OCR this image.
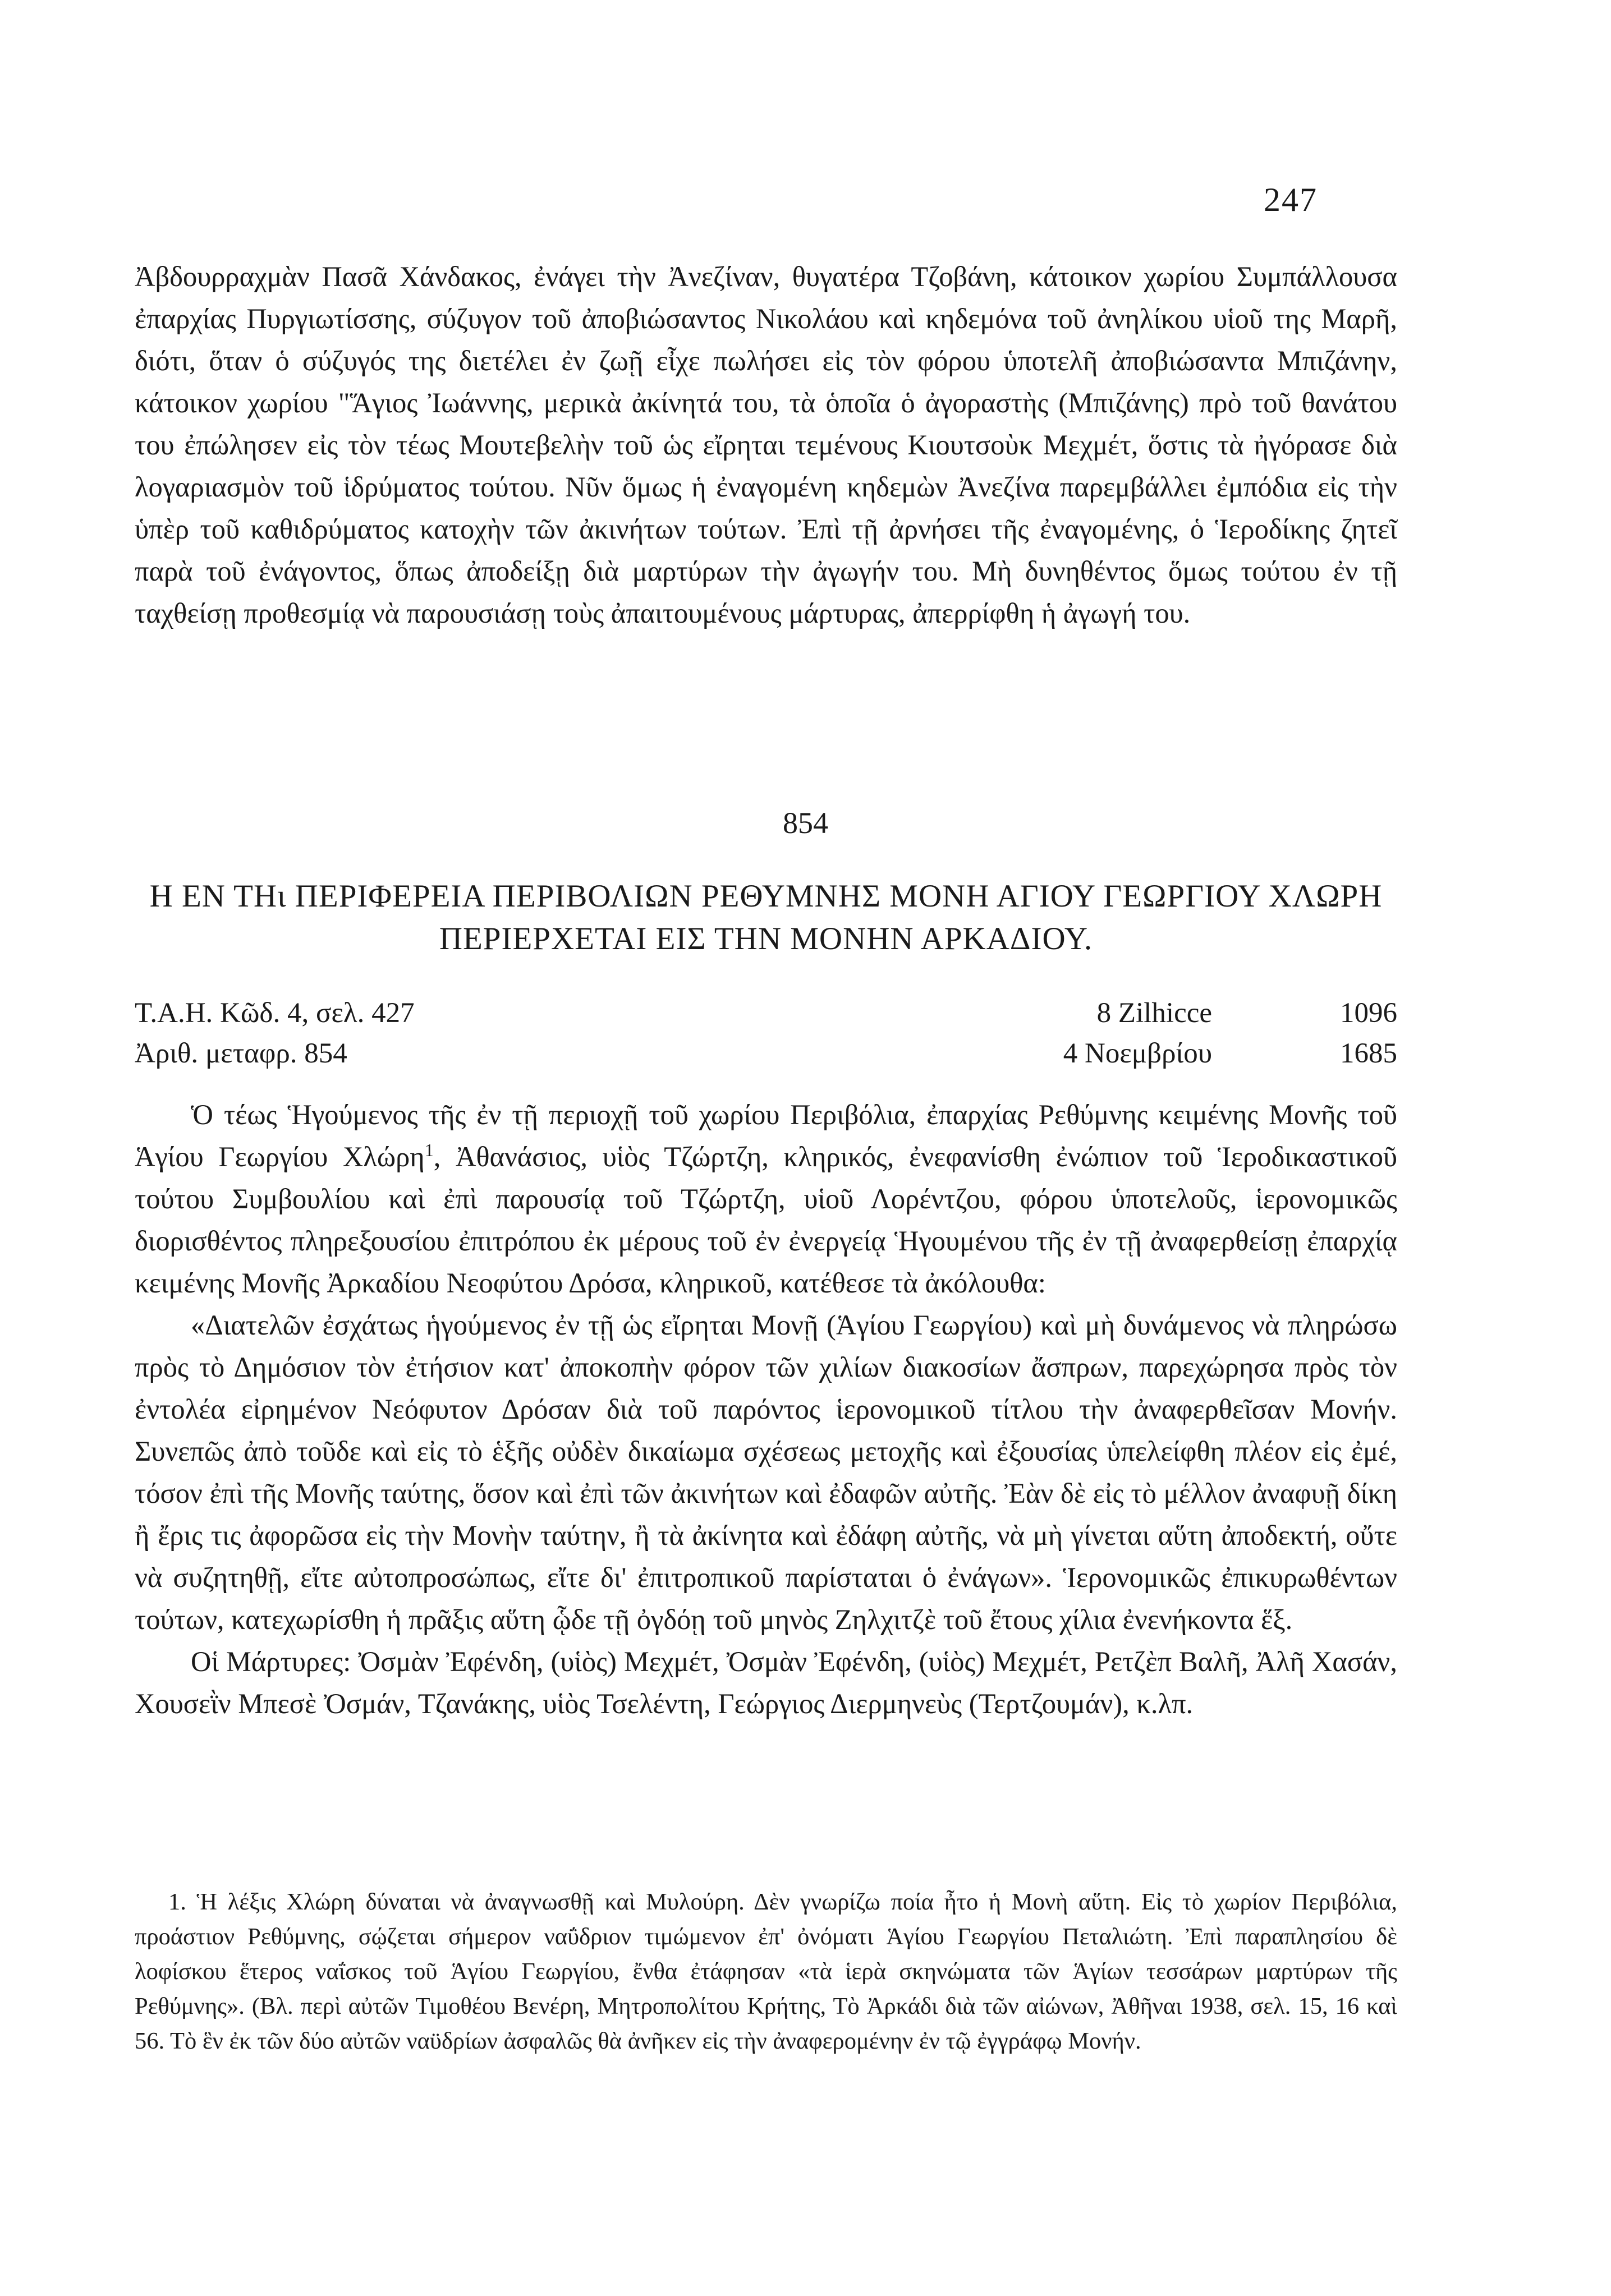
247

Ἀβδουρραχμὰν Πασᾶ Χάνδακος, ἐνάγει τὴν Ἀνεζίναν, θυγατέρα Τζοβάνη, κάτοικον χωρίου Συμπάλλουσα ἐπαρχίας Πυργιωτίσσης, σύζυγον τοῦ ἀποβιώσαντος Νικολάου καὶ κηδεμόνα τοῦ ἀνηλίκου υἱοῦ της Μαρῆ, διότι, ὅταν ὁ σύζυγός της διετέλει ἐν ζωῇ εἶχε πωλήσει εἰς τὸν φόρου ὑποτελῆ ἀποβιώσαντα Μπιζάνην, κάτοικον χωρίου "Ἅγιος Ἰωάννης, μερικὰ ἀκίνητά του, τὰ ὁποῖα ὁ ἀγοραστὴς (Μπιζάνης) πρὸ τοῦ θανάτου του ἐπώλησεν εἰς τὸν τέως Μουτεβελὴν τοῦ ὡς εἴρηται τεμένους Κιουτσοὺκ Μεχμέτ, ὅστις τὰ ἠγόρασε διὰ λογαριασμὸν τοῦ ἱδρύματος τούτου. Νῦν ὅμως ἡ ἐναγομένη κηδεμὼν Ἀνεζίνα παρεμβάλλει ἐμπόδια εἰς τὴν ὑπὲρ τοῦ καθιδρύματος κατοχὴν τῶν ἀκινήτων τούτων. Ἐπὶ τῇ ἀρνήσει τῆς ἐναγομένης, ὁ Ἱεροδίκης ζητεῖ παρὰ τοῦ ἐνάγοντος, ὅπως ἀποδείξῃ διὰ μαρτύρων τὴν ἀγωγήν του. Μὴ δυνηθέντος ὅμως τούτου ἐν τῇ ταχθείσῃ προθεσμίᾳ νὰ παρουσιάσῃ τοὺς ἀπαιτουμένους μάρτυρας, ἀπερρίφθη ἡ ἀγωγή του.

854
Η ΕΝ ΤΗι ΠΕΡΙΦΕΡΕΙΑ ΠΕΡΙΒΟΛΙΩΝ ΡΕΘΥΜΝΗΣ ΜΟΝΗ ΑΓΙΟΥ ΓΕΩΡΓΙΟΥ ΧΛΩΡΗ ΠΕΡΙΕΡΧΕΤΑΙ ΕΙΣ ΤΗΝ ΜΟΝΗΝ ΑΡΚΑΔΙΟΥ.
Τ.Α.Η. Κῶδ. 4, σελ. 427	8 Zilhicce	1096
Ἀριθ. μεταφρ. 854	4 Νοεμβρίου	1685

Ὁ τέως Ἡγούμενος τῆς ἐν τῇ περιοχῇ τοῦ χωρίου Περιβόλια, ἐπαρχίας Ρεθύμνης κειμένης Μονῆς τοῦ Ἁγίου Γεωργίου Χλώρη$^1$, Ἀθανάσιος, υἱὸς Τζώρτζη, κληρικός, ἐνεφανίσθη ἐνώπιον τοῦ Ἱεροδικαστικοῦ τούτου Συμβουλίου καὶ ἐπὶ παρουσίᾳ τοῦ Τζώρτζη, υἱοῦ Λορέντζου, φόρου ὑποτελοῦς, ἱερονομικῶς διορισθέντος πληρεξουσίου ἐπιτρόπου ἐκ μέρους τοῦ ἐν ἐνεργείᾳ Ἡγουμένου τῆς ἐν τῇ ἀναφερθείσῃ ἐπαρχίᾳ κειμένης Μονῆς Ἀρκαδίου Νεοφύτου Δρόσα, κληρικοῦ, κατέθεσε τὰ ἀκόλουθα:

«Διατελῶν ἐσχάτως ἡγούμενος ἐν τῇ ὡς εἴρηται Μονῇ (Ἁγίου Γεωργίου) καὶ μὴ δυνάμενος νὰ πληρώσω πρὸς τὸ Δημόσιον τὸν ἐτήσιον κατ' ἀποκοπὴν φόρον τῶν χιλίων διακοσίων ἄσπρων, παρεχώρησα πρὸς τὸν ἐντολέα εἰρημένον Νεόφυτον Δρόσαν διὰ τοῦ παρόντος ἱερονομικοῦ τίτλου τὴν ἀναφερθεῖσαν Μονήν. Συνεπῶς ἀπὸ τοῦδε καὶ εἰς τὸ ἑξῆς οὐδὲν δικαίωμα σχέσεως μετοχῆς καὶ ἐξουσίας ὑπελείφθη πλέον εἰς ἐμέ, τόσον ἐπὶ τῆς Μονῆς ταύτης, ὅσον καὶ ἐπὶ τῶν ἀκινήτων καὶ ἐδαφῶν αὐτῆς. Ἐὰν δὲ εἰς τὸ μέλλον ἀναφυῇ δίκη ἢ ἔρις τις ἀφορῶσα εἰς τὴν Μονὴν ταύτην, ἢ τὰ ἀκίνητα καὶ ἐδάφη αὐτῆς, νὰ μὴ γίνεται αὕτη ἀποδεκτή, οὔτε νὰ συζητηθῇ, εἴτε αὐτοπροσώπως, εἴτε δι' ἐπιτροπικοῦ παρίσταται ὁ ἐνάγων». Ἱερονομικῶς ἐπικυρωθέντων τούτων, κατεχωρίσθη ἡ πρᾶξις αὕτη ᾧδε τῇ ὀγδόῃ τοῦ μηνὸς Ζηλχιτζὲ τοῦ ἔτους χίλια ἐνενήκοντα ἕξ.

Οἱ Μάρτυρες: Ὀσμὰν Ἐφένδη, (υἱὸς) Μεχμέτ, Ὀσμὰν Ἐφένδη, (υἱὸς) Μεχμέτ, Ρετζὲπ Βαλῆ, Ἀλῆ Χασάν, Χουσεῒν Μπεσὲ Ὀσμάν, Τζανάκης, υἱὸς Τσελέντη, Γεώργιος Διερμηνεὺς (Τερτζουμάν), κ.λπ.

1. Ἡ λέξις Χλώρη δύναται νὰ ἀναγνωσθῇ καὶ Μυλούρη. Δὲν γνωρίζω ποία ἦτο ἡ Μονὴ αὕτη. Εἰς τὸ χωρίον Περιβόλια, προάστιον Ρεθύμνης, σῴζεται σήμερον ναΰδριον τιμώμενον ἐπ' ὀνόματι Ἁγίου Γεωργίου Πεταλιώτη. Ἐπὶ παραπλησίου δὲ λοφίσκου ἕτερος ναΐσκος τοῦ Ἁγίου Γεωργίου, ἔνθα ἐτάφησαν «τὰ ἱερὰ σκηνώματα τῶν Ἁγίων τεσσάρων μαρτύρων τῆς Ρεθύμνης». (Βλ. περὶ αὐτῶν Τιμοθέου Βενέρη, Μητροπολίτου Κρήτης, Τὸ Ἀρκάδι διὰ τῶν αἰώνων, Ἀθῆναι 1938, σελ. 15, 16 καὶ 56. Τὸ ἓν ἐκ τῶν δύο αὐτῶν ναϋδρίων ἀσφαλῶς θὰ ἀνῆκεν εἰς τὴν ἀναφερομένην ἐν τῷ ἐγγράφῳ Μονήν.
